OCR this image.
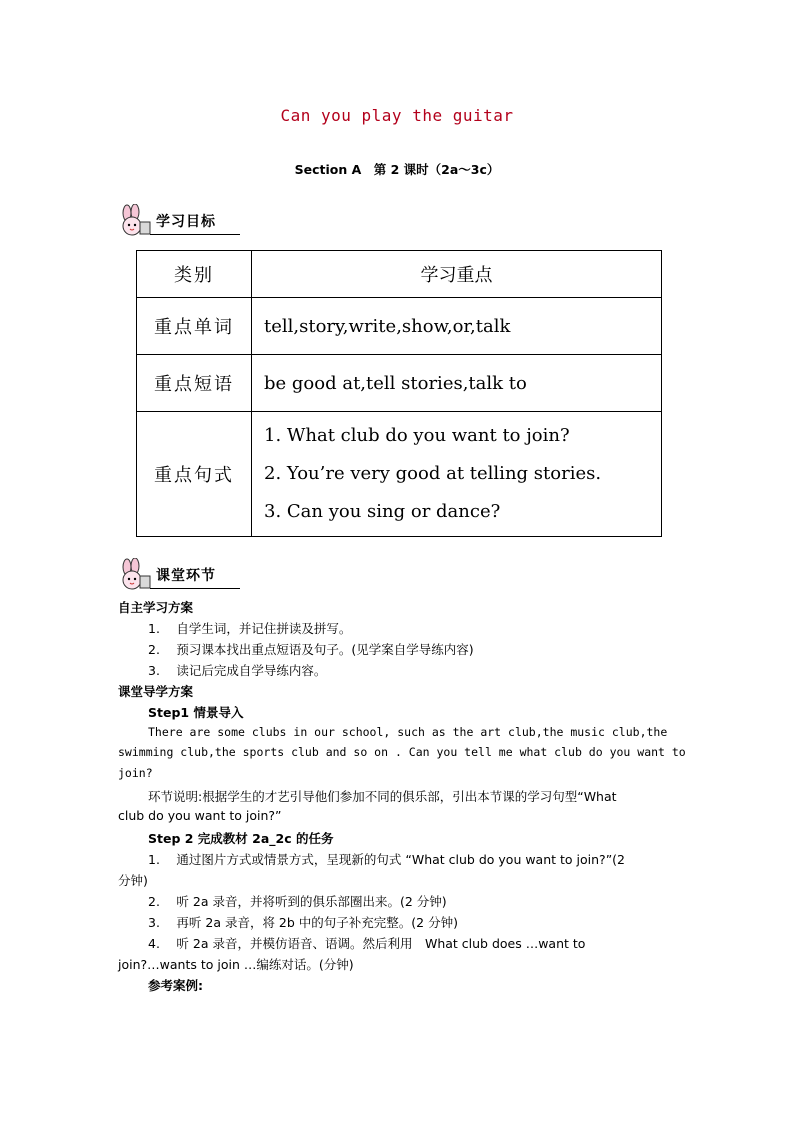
Can you play the guitar
Section A　第 2 课时（2a～3c）
学习目标
类别	学习重点
重点单词	tell,story,write,show,or,talk
重点短语	be good at,tell stories,talk to
重点句式	1. What club do you want to join?
2. You’re very good at telling stories.
3. Can you sing or dance?
课堂环节
自主学习方案
1.　 自学生词，并记住拼读及拼写。
2.　 预习课本找出重点短语及句子。(见学案自学导练内容)
3.　 读记后完成自学导练内容。
课堂导学方案
Step1 情景导入
There are some clubs in our school, such as the art club,the music club,the
swimming club,the sports club and so on . Can you tell me what club do you want to
join?
环节说明:根据学生的才艺引导他们参加不同的俱乐部，引出本节课的学习句型“What
club do you want to join?”
Step 2 完成教材 2a_2c 的任务
1.　 通过图片方式或情景方式，呈现新的句式 “What club do you want to join?”(2
分钟)
2.　 听 2a 录音，并将听到的俱乐部圈出来。(2 分钟)
3.　 再听 2a 录音，将 2b 中的句子补充完整。(2 分钟)
4.　 听 2a 录音，并模仿语音、语调。然后利用　What club does …want to
join?…wants to join …编练对话。(分钟)
参考案例:
